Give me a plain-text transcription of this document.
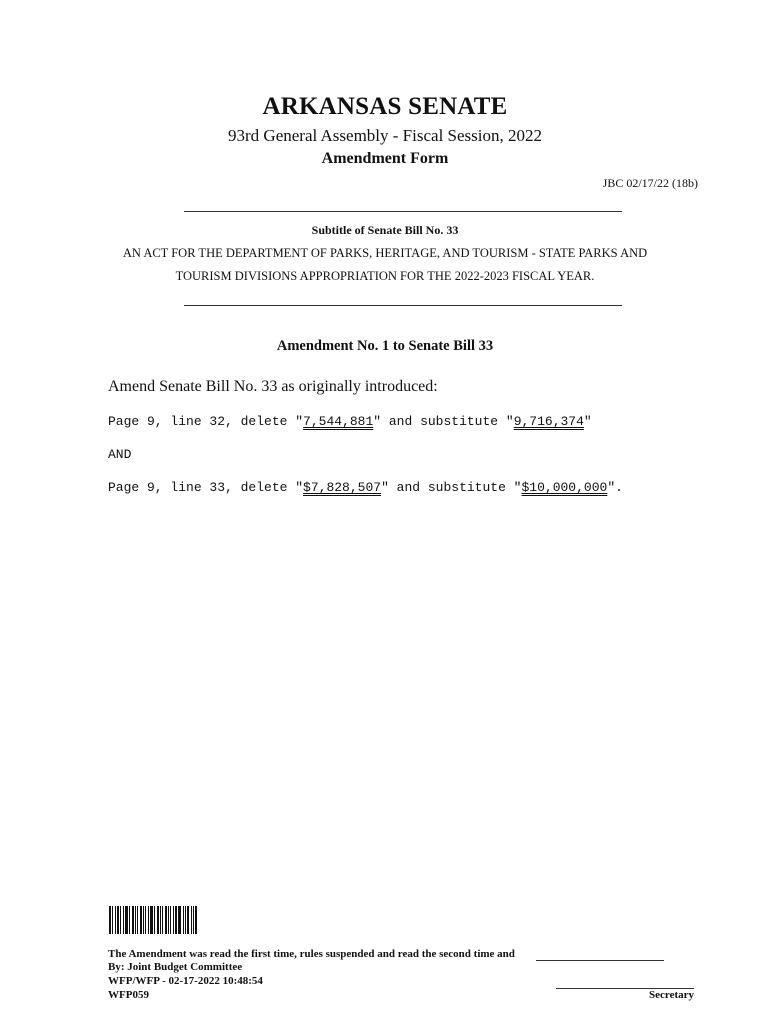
ARKANSAS SENATE
93rd General Assembly - Fiscal Session, 2022
Amendment Form
JBC 02/17/22 (18b)
Subtitle of Senate Bill No. 33
AN ACT FOR THE DEPARTMENT OF PARKS, HERITAGE, AND TOURISM - STATE PARKS AND
TOURISM DIVISIONS APPROPRIATION FOR THE 2022-2023 FISCAL YEAR.
Amendment No. 1 to Senate Bill 33
Amend Senate Bill No. 33 as originally introduced:
Page 9, line 32, delete "7,544,881" and substitute "9,716,374"
AND
Page 9, line 33, delete "$7,828,507" and substitute "$10,000,000".
The Amendment was read the first time, rules suspended and read the second time and
By: Joint Budget Committee
WFP/WFP - 02-17-2022 10:48:54
WFP059	Secretary
